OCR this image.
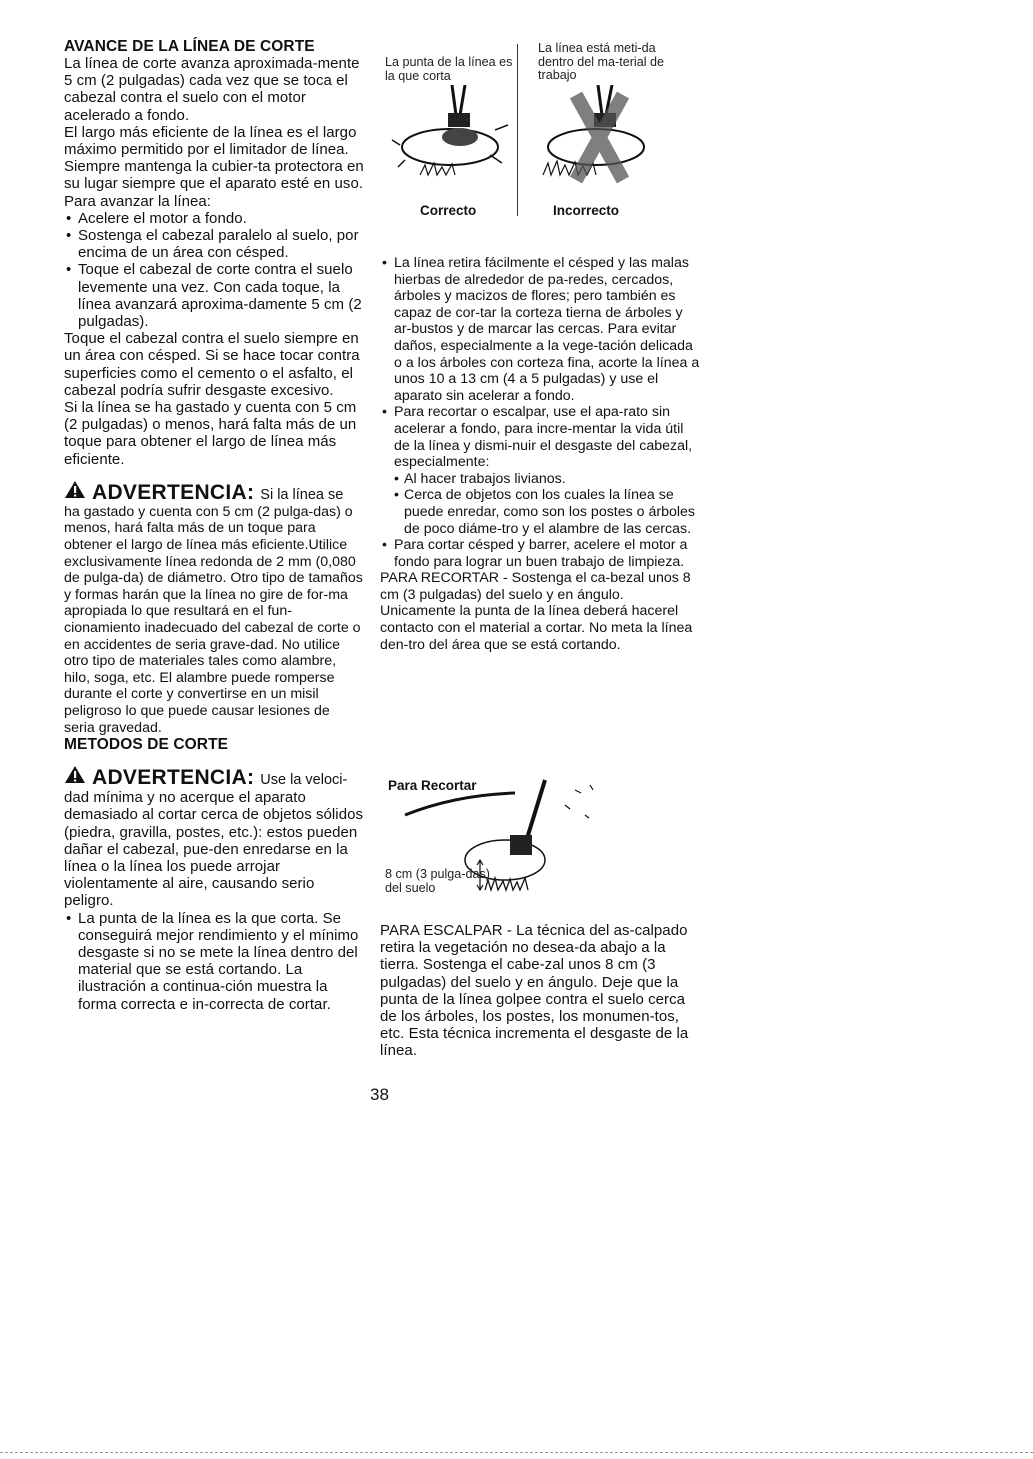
AVANCE DE LA LÍNEA DE CORTE

La línea de corte avanza aproximada-mente 5 cm (2 pulgadas) cada vez que se toca el cabezal contra el suelo con el motor acelerado a fondo.

El largo más eficiente de la línea es el largo máximo permitido por el limitador de línea. Siempre mantenga la cubier-ta protectora en su lugar siempre que el aparato esté en uso.

Para avanzar la línea:

• Acelere el motor a fondo.
• Sostenga el cabezal paralelo al suelo, por encima de un área con césped.
• Toque el cabezal de corte contra el suelo levemente una vez. Con cada toque, la línea avanzará aproxima-damente 5 cm (2 pulgadas).

Toque el cabezal contra el suelo siempre en un área con césped. Si se hace tocar contra superficies como el cemento o el asfalto, el cabezal podría sufrir desgaste excesivo.

Si la línea se ha gastado y cuenta con 5 cm (2 pulgadas) o menos, hará falta más de un toque para obtener el largo de línea más eficiente.

ADVERTENCIA: Si la línea se

ha gastado y cuenta con 5 cm (2 pulga-das) o menos, hará falta más de un toque para obtener el largo de línea más eficiente.Utilice exclusivamente línea redonda de 2 mm (0,080 de pulga-da) de diámetro. Otro tipo de tamaños y formas harán que la línea no gire de for-ma apropiada lo que resultará en el fun-cionamiento inadecuado del cabezal de corte o en accidentes de seria grave-dad. No utilice otro tipo de materiales tales como alambre, hilo, soga, etc. El alambre puede romperse durante el corte y convertirse en un misil peligroso lo que puede causar lesiones de seria gravedad.

METODOS DE CORTE

ADVERTENCIA: Use la veloci-

dad mínima y no acerque el aparato demasiado al cortar cerca de objetos sólidos (piedra, gravilla, postes, etc.): estos pueden dañar el cabezal, pue-den enredarse en la línea o la línea los puede arrojar violentamente al aire, causando serio peligro.

• La punta de la línea es la que corta. Se conseguirá mejor rendimiento y el mínimo desgaste si no se mete la línea dentro del material que se está cortando. La ilustración a continua-ción muestra la forma correcta e in-correcta de cortar.
La punta de la línea es la que corta
La línea está meti-da dentro del ma-terial de trabajo
Correcto	Incorrecto
• La línea retira fácilmente el césped y las malas hierbas de alrededor de pa-redes, cercados, árboles y macizos de flores; pero también es capaz de cor-tar la corteza tierna de árboles y ar-bustos y de marcar las cercas. Para evitar daños, especialmente a la vege-tación delicada o a los árboles con corteza fina, acorte la línea a unos 10 a 13 cm (4 a 5 pulgadas) y use el aparato sin acelerar a fondo.
• Para recortar o escalpar, use el apa-rato sin acelerar a fondo, para incre-mentar la vida útil de la línea y dismi-nuir el desgaste del cabezal, especialmente:
• Al hacer trabajos livianos.
• Cerca de objetos con los cuales la línea se puede enredar, como son los postes o árboles de poco diáme-tro y el alambre de las cercas.
• Para cortar césped y barrer, acelere el motor a fondo para lograr un buen trabajo de limpieza.

PARA RECORTAR - Sostenga el ca-bezal unos 8 cm (3 pulgadas) del suelo y en ángulo. Unicamente la punta de la línea deberá hacerel contacto con el material a cortar. No meta la línea den-tro del área que se está cortando.

Para Recortar
8 cm (3 pulga-das) del suelo

PARA ESCALPAR - La técnica del as-calpado retira la vegetación no desea-da abajo a la tierra. Sostenga el cabe-zal unos 8 cm (3 pulgadas) del suelo y en ángulo. Deje que la punta de la línea golpee contra el suelo cerca de los árboles, los postes, los monumen-tos, etc. Esta técnica incrementa el desgaste de la línea.

38
